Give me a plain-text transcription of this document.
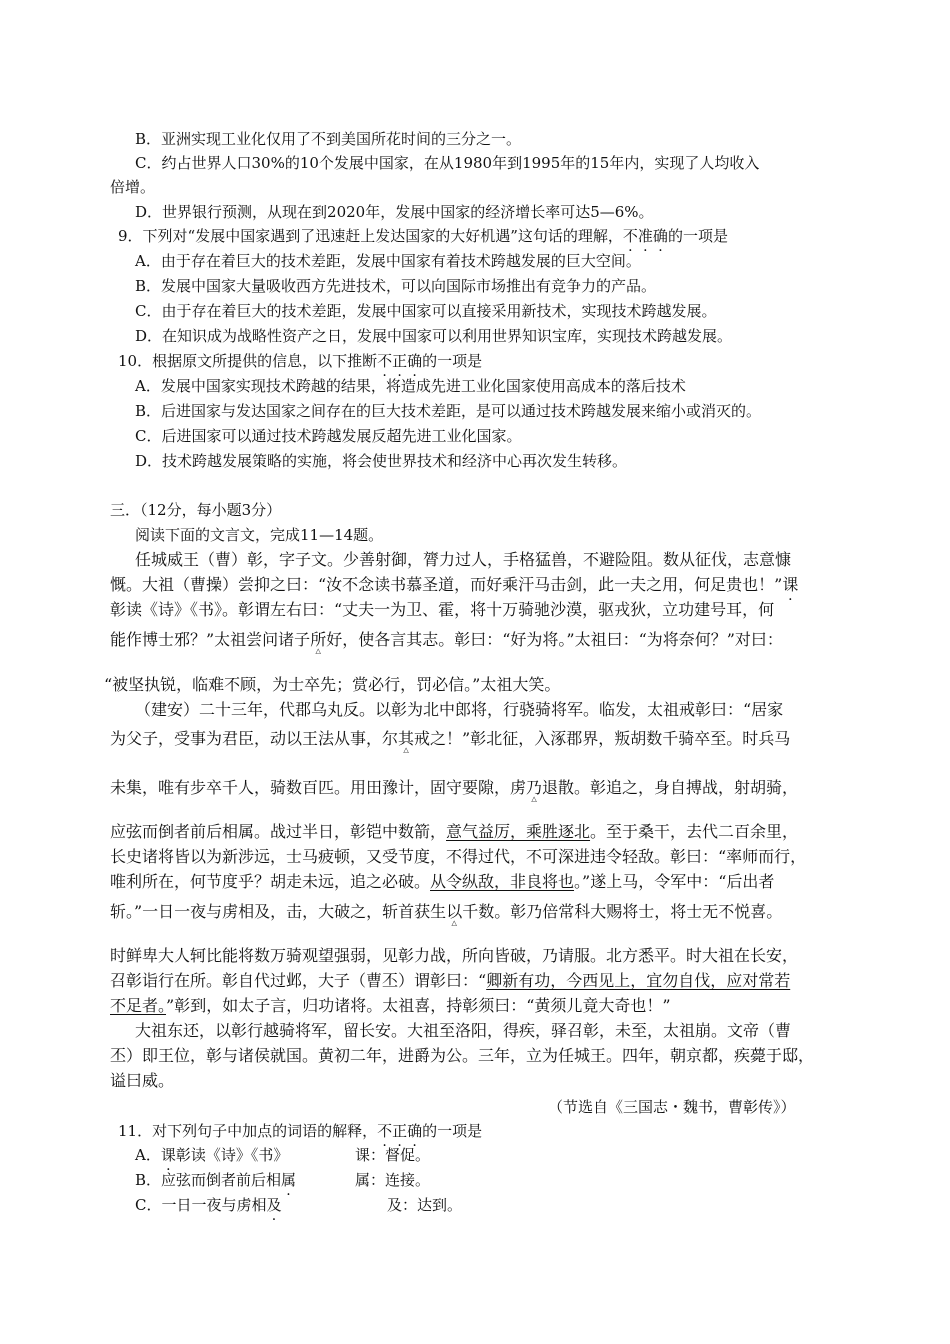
B．亚洲实现工业化仅用了不到美国所花时间的三分之一。
C．约占世界人口30%的10个发展中国家，在从1980年到1995年的15年内，实现了人均收入
倍增。
D．世界银行预测，从现在到2020年，发展中国家的经济增长率可达5—6%。
9．下列对“发展中国家遇到了迅速赶上发达国家的大好机遇”这句话的理解，不准确的一项是
A．由于存在着巨大的技术差距，发展中国家有着技术跨越发展的巨大空间。
B．发展中国家大量吸收西方先进技术，可以向国际市场推出有竞争力的产品。
C．由于存在着巨大的技术差距，发展中国家可以直接采用新技术，实现技术跨越发展。
D．在知识成为战略性资产之日，发展中国家可以利用世界知识宝库，实现技术跨越发展。
10．根据原文所提供的信息，以下推断不正确的一项是
A．发展中国家实现技术跨越的结果，将造成先进工业化国家使用高成本的落后技术
B．后进国家与发达国家之间存在的巨大技术差距，是可以通过技术跨越发展来缩小或消灭的。
C．后进国家可以通过技术跨越发展反超先进工业化国家。
D．技术跨越发展策略的实施，将会使世界技术和经济中心再次发生转移。
三．（12分，每小题3分）
阅读下面的文言文，完成11—14题。
任城威王（曹）彰，字子文。少善射御，膂力过人，手格猛兽，不避险阻。数从征伐，志意慷
慨。大祖（曹操）尝抑之曰：“汝不念读书慕圣道，而好乘汗马击剑，此一夫之用，何足贵也！”课
彰读《诗》《书》。彰谓左右曰：“丈夫一为卫、霍，将十万骑驰沙漠，驱戎狄，立功建号耳，何
能作博士邪？”太祖尝问诸子所 △好，使各言其志。彰曰：“好为将。”太祖曰：“为将奈何？”对曰：
“被坚执锐，临难不顾，为士卒先；赏必行，罚必信。”太祖大笑。
（建安）二十三年，代郡乌丸反。以彰为北中郎将，行骁骑将军。临发，太祖戒彰曰：“居家
为父子，受事为君臣，动以王法从事，尔其 △戒之！”彰北征，入涿郡界，叛胡数千骑卒至。时兵马
未集，唯有步卒千人，骑数百匹。用田豫计，固守要隙，虏乃 △退散。彰追之，身自搏战，射胡骑，
应弦而倒者前后相属。战过半日，彰铠中数箭，意气益厉，乘胜逐北。至于桑干，去代二百余里，
长史诸将皆以为新涉远，士马疲顿，又受节度，不得过代，不可深进违令轻敌。彰曰：“率师而行，
唯利所在，何节度乎？胡走未远，追之必破。从令纵敌，非良将也。”遂上马，令军中：“后出者
斩。”一日一夜与虏相及，击，大破之，斩首获生以 △千数。彰乃倍常科大赐将士，将士无不悦喜。
时鲜卑大人轲比能将数万骑观望强弱，见彰力战，所向皆破，乃请服。北方悉平。时大祖在长安，
召彰诣行在所。彰自代过邺，大子（曹丕）谓彰曰：“卿新有功，今西见上，宜勿自伐，应对常若
不足者。”彰到，如太子言，归功诸将。太祖喜，持彰须曰：“黄须儿竟大奇也！”
大祖东还，以彰行越骑将军，留长安。大祖至洛阳，得疾，驿召彰，未至，太祖崩。文帝（曹
丕）即王位，彰与诸侯就国。黄初二年，进爵为公。三年，立为任城王。四年，朝京都，疾薨于邸，
谥曰威。
（节选自《三国志・魏书，曹彰传》）
11．对下列句子中加点的词语的解释，不正确的一项是
A．课彰读《诗》《书》	课：督促。
B．应弦而倒者前后相属	属：连接。
C．一日一夜与虏相及	及：达到。
